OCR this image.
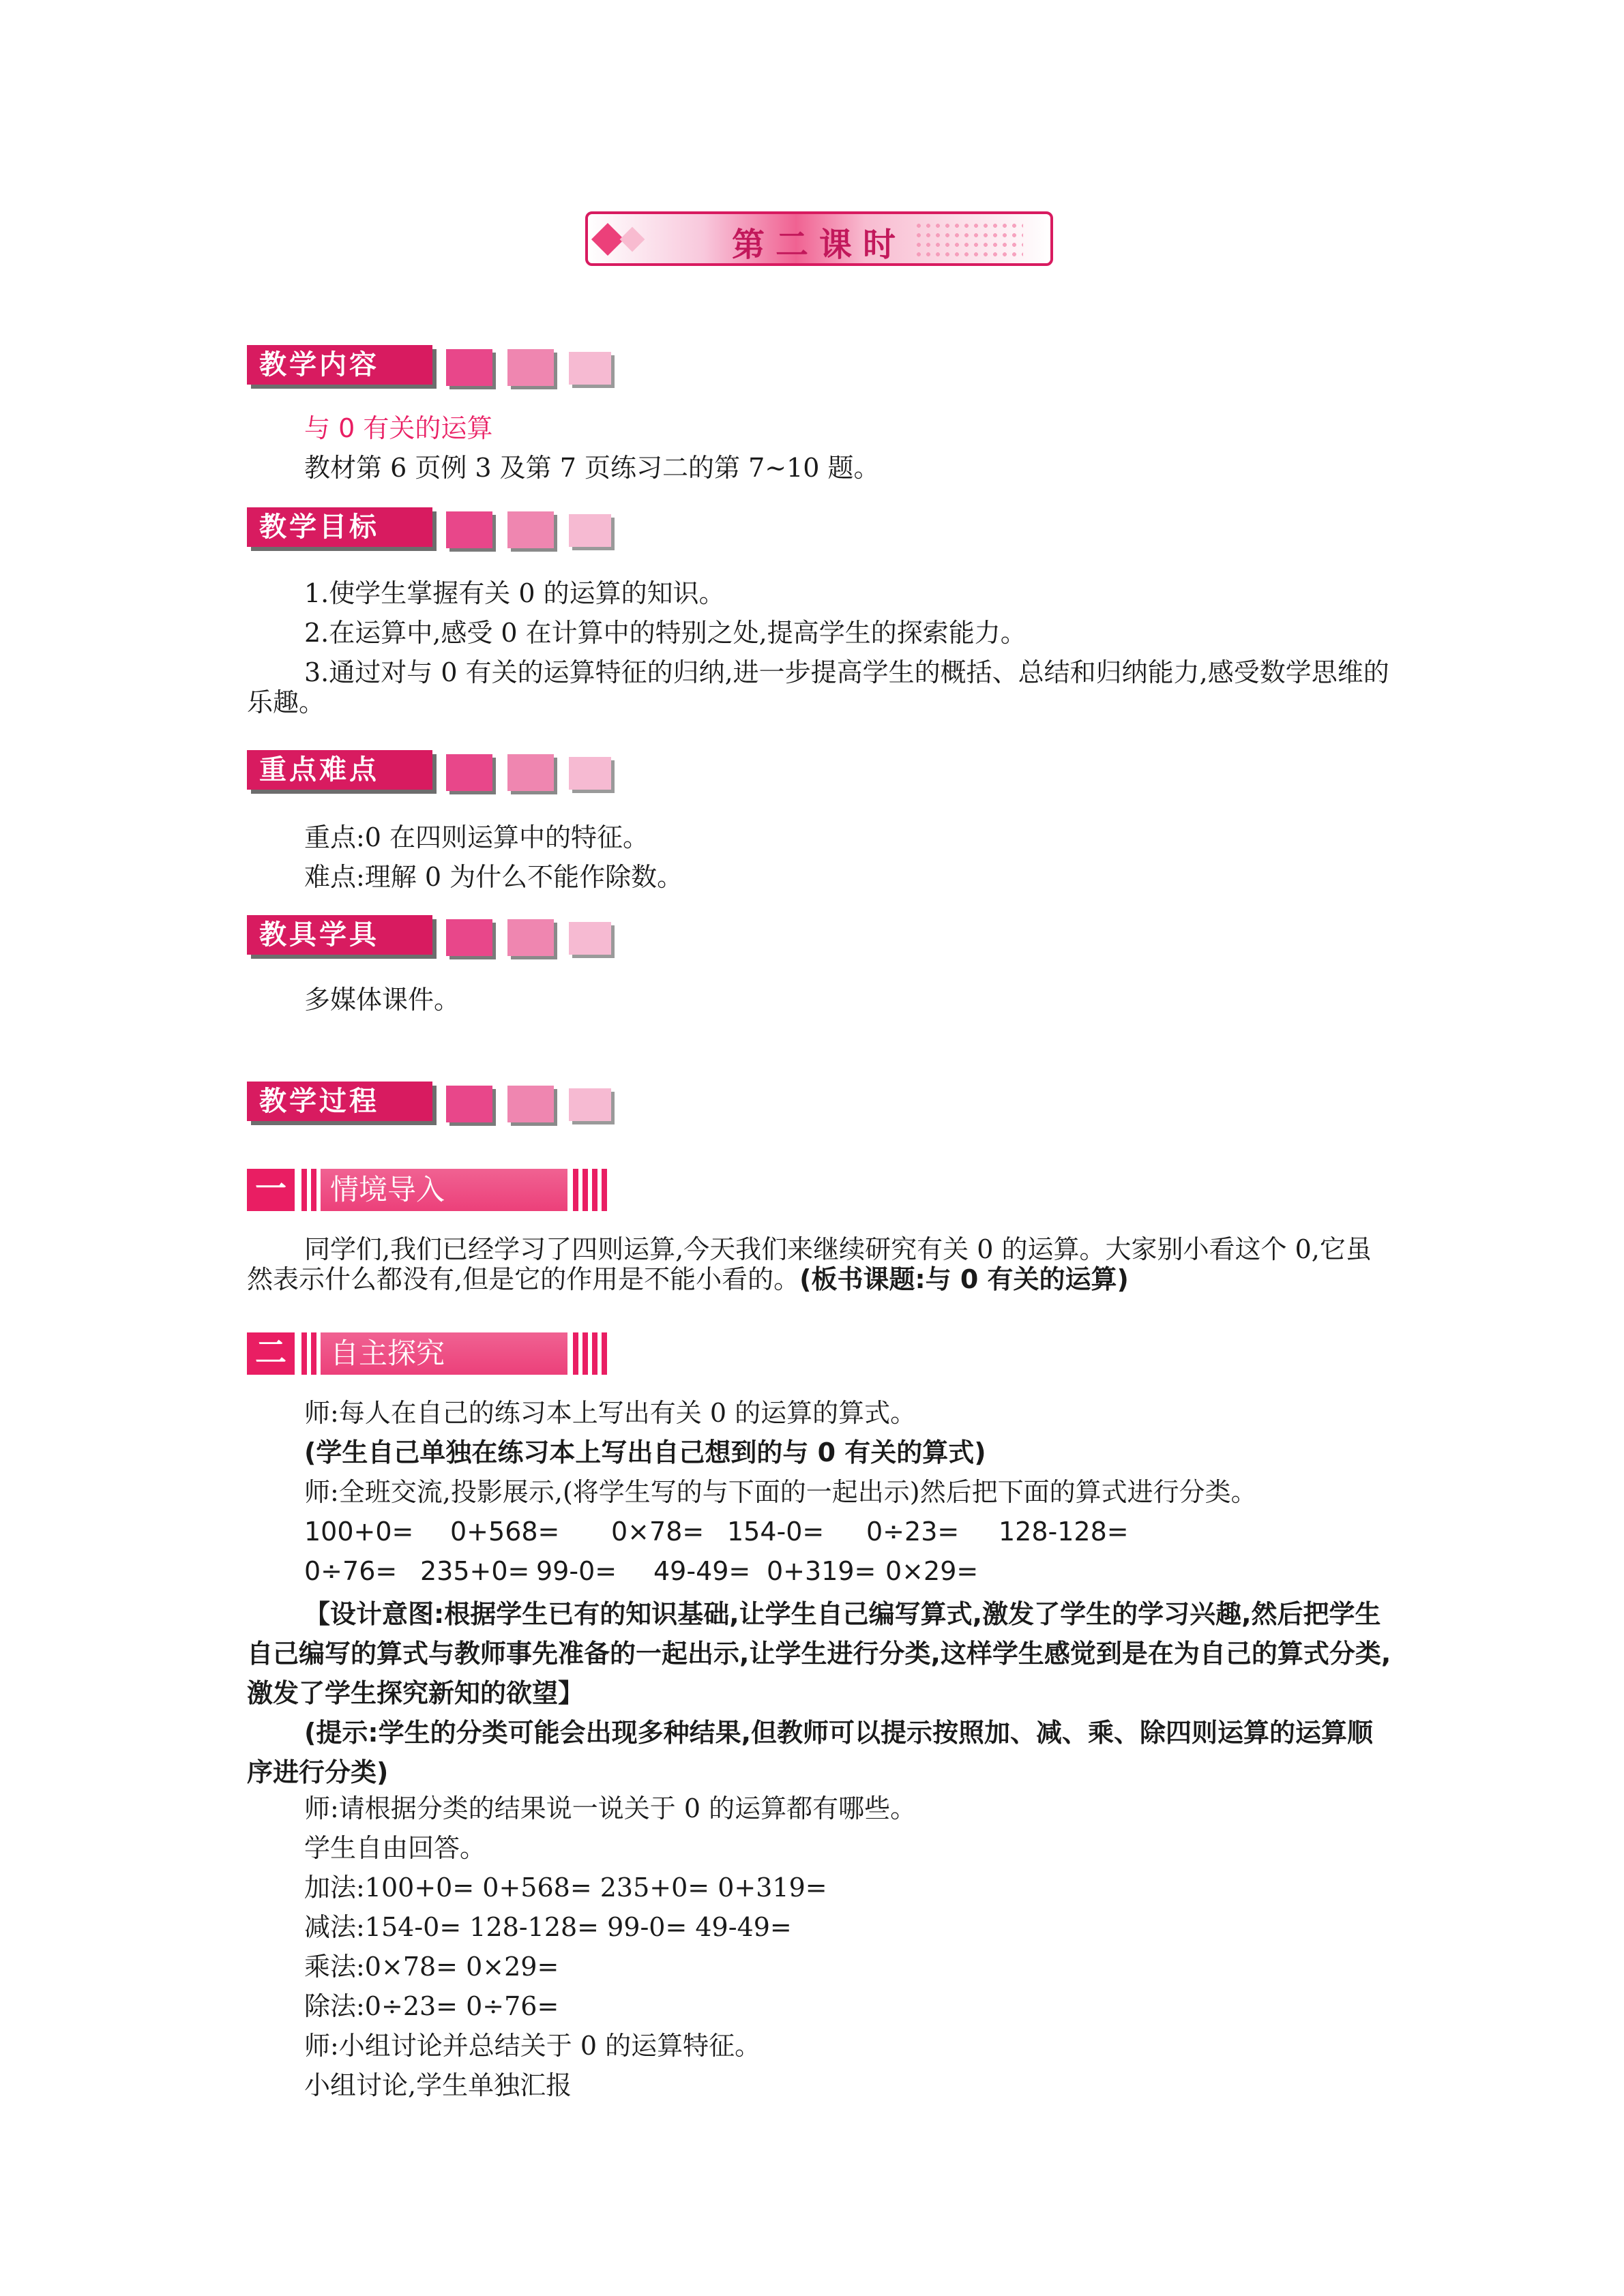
第二课时
教学内容
与 0 有关的运算
教材第 6 页例 3 及第 7 页练习二的第 7~10 题。
教学目标
1.使学生掌握有关 0 的运算的知识。
2.在运算中,感受 0 在计算中的特别之处,提高学生的探索能力。
3.通过对与 0 有关的运算特征的归纳,进一步提高学生的概括、总结和归纳能力,感受数学思维的乐趣。
重点难点
重点:0 在四则运算中的特征。
难点:理解 0 为什么不能作除数。
教具学具
多媒体课件。
教学过程
一	情境导入
同学们,我们已经学习了四则运算,今天我们来继续研究有关 0 的运算。大家别小看这个 0,它虽然表示什么都没有,但是它的作用是不能小看的。(板书课题:与 0 有关的运算)
二	自主探究
师:每人在自己的练习本上写出有关 0 的运算的算式。
(学生自己单独在练习本上写出自己想到的与 0 有关的算式)
师:全班交流,投影展示,(将学生写的与下面的一起出示)然后把下面的算式进行分类。
100+0= 0+568= 0×78= 154-0= 0÷23= 128-128=
0÷76= 235+0= 99-0= 49-49= 0+319= 0×29=
【设计意图:根据学生已有的知识基础,让学生自己编写算式,激发了学生的学习兴趣,然后把学生自己编写的算式与教师事先准备的一起出示,让学生进行分类,这样学生感觉到是在为自己的算式分类,激发了学生探究新知的欲望】
(提示:学生的分类可能会出现多种结果,但教师可以提示按照加、减、乘、除四则运算的运算顺序进行分类)
师:请根据分类的结果说一说关于 0 的运算都有哪些。
学生自由回答。
加法:100+0= 0+568= 235+0= 0+319=
减法:154-0= 128-128= 99-0= 49-49=
乘法:0×78= 0×29=
除法:0÷23= 0÷76=
师:小组讨论并总结关于 0 的运算特征。
小组讨论,学生单独汇报
